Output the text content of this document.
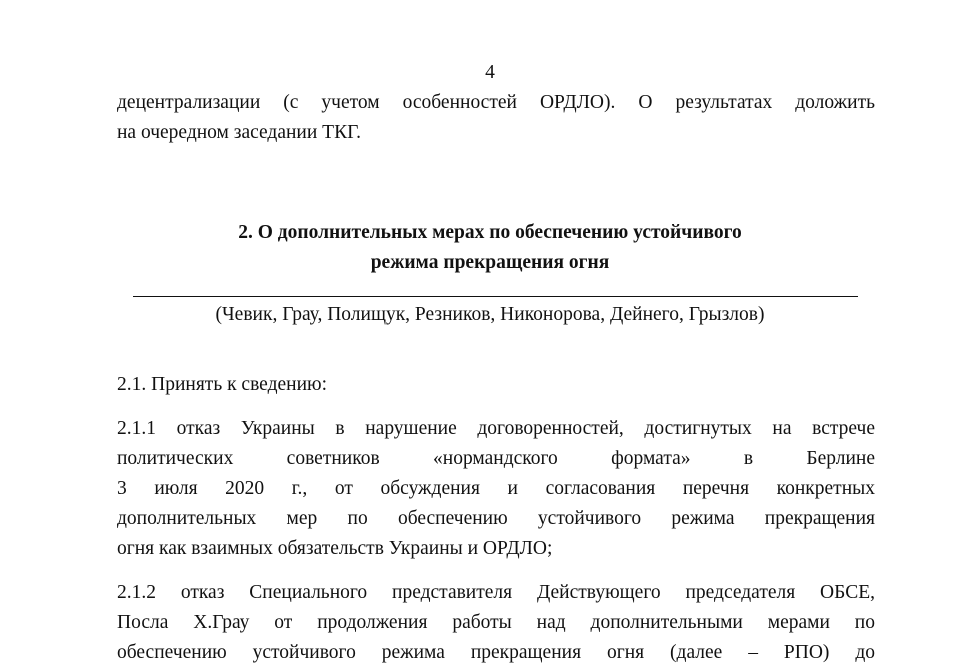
4
децентрализации (с учетом особенностей ОРДЛО). О результатах доложить
на очередном заседании ТКГ.
2. О дополнительных мерах по обеспечению устойчивого
режима прекращения огня
(Чевик, Грау, Полищук, Резников, Никонорова, Дейнего, Грызлов)
2.1. Принять к сведению:
2.1.1 отказ Украины в нарушение договоренностей, достигнутых на встрече
политических советников «нормандского формата» в Берлине
3 июля 2020 г., от обсуждения и согласования перечня конкретных
дополнительных мер по обеспечению устойчивого режима прекращения
огня как взаимных обязательств Украины и ОРДЛО;
2.1.2 отказ Специального представителя Действующего председателя ОБСЕ,
Посла Х.Грау от продолжения работы над дополнительными мерами по
обеспечению устойчивого режима прекращения огня (далее – РПО) до
